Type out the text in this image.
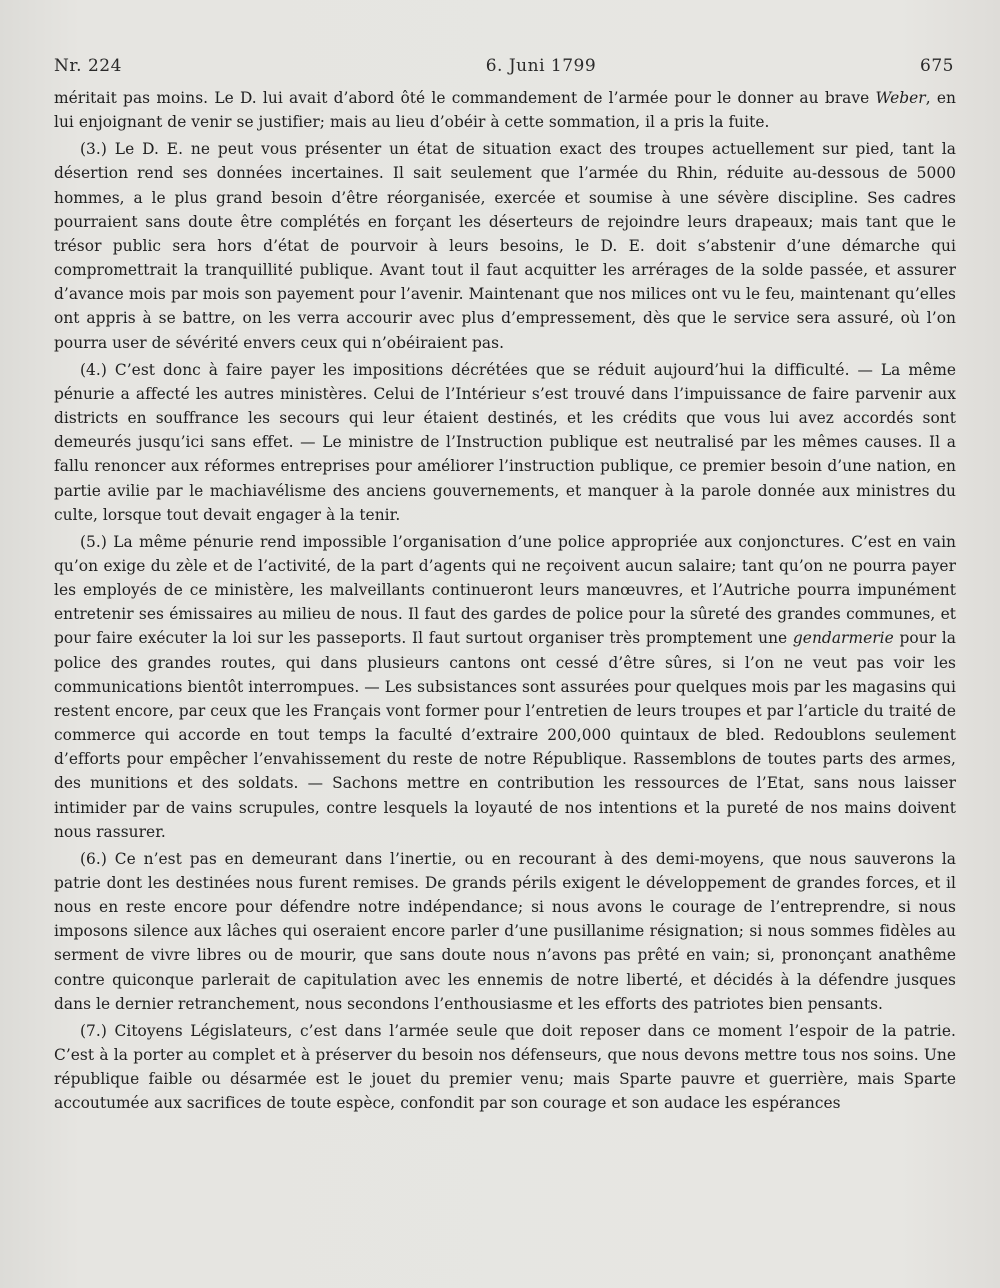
Nr. 224	6. Juni 1799	675

méritait pas moins. Le D. lui avait d’abord ôté le commandement de l’armée pour le donner au brave Weber, en lui enjoignant de venir se justifier; mais au lieu d’obéir à cette sommation, il a pris la fuite.

(3.) Le D. E. ne peut vous présenter un état de situation exact des troupes actuellement sur pied, tant la désertion rend ses données incertaines. Il sait seulement que l’armée du Rhin, réduite au-dessous de 5000 hommes, a le plus grand besoin d’être réorganisée, exercée et soumise à une sévère discipline. Ses cadres pourraient sans doute être complétés en forçant les déserteurs de rejoindre leurs drapeaux; mais tant que le trésor public sera hors d’état de pourvoir à leurs besoins, le D. E. doit s’abstenir d’une démarche qui compromettrait la tranquillité publique. Avant tout il faut acquitter les arrérages de la solde passée, et assurer d’avance mois par mois son payement pour l’avenir. Maintenant que nos milices ont vu le feu, maintenant qu’elles ont appris à se battre, on les verra accourir avec plus d’empressement, dès que le service sera assuré, où l’on pourra user de sévérité envers ceux qui n’obéiraient pas.

(4.) C’est donc à faire payer les impositions décrétées que se réduit aujourd’hui la difficulté. — La même pénurie a affecté les autres ministères. Celui de l’Intérieur s’est trouvé dans l’impuissance de faire parvenir aux districts en souffrance les secours qui leur étaient destinés, et les crédits que vous lui avez accordés sont demeurés jusqu’ici sans effet. — Le ministre de l’Instruction publique est neutralisé par les mêmes causes. Il a fallu renoncer aux réformes entreprises pour améliorer l’instruction publique, ce premier besoin d’une nation, en partie avilie par le machiavélisme des anciens gouvernements, et manquer à la parole donnée aux ministres du culte, lorsque tout devait engager à la tenir.

(5.) La même pénurie rend impossible l’organisation d’une police appropriée aux conjonctures. C’est en vain qu’on exige du zèle et de l’activité, de la part d’agents qui ne reçoivent aucun salaire; tant qu’on ne pourra payer les employés de ce ministère, les malveillants continueront leurs manœuvres, et l’Autriche pourra impunément entretenir ses émissaires au milieu de nous. Il faut des gardes de police pour la sûreté des grandes communes, et pour faire exécuter la loi sur les passeports. Il faut surtout organiser très promptement une gendarmerie pour la police des grandes routes, qui dans plusieurs cantons ont cessé d’être sûres, si l’on ne veut pas voir les communications bientôt interrompues. — Les subsistances sont assurées pour quelques mois par les magasins qui restent encore, par ceux que les Français vont former pour l’entretien de leurs troupes et par l’article du traité de commerce qui accorde en tout temps la faculté d’extraire 200,000 quintaux de bled. Redoublons seulement d’efforts pour empêcher l’envahissement du reste de notre République. Rassemblons de toutes parts des armes, des munitions et des soldats. — Sachons mettre en contribution les ressources de l’Etat, sans nous laisser intimider par de vains scrupules, contre lesquels la loyauté de nos intentions et la pureté de nos mains doivent nous rassurer.

(6.) Ce n’est pas en demeurant dans l’inertie, ou en recourant à des demi-moyens, que nous sauverons la patrie dont les destinées nous furent remises. De grands périls exigent le développement de grandes forces, et il nous en reste encore pour défendre notre indépendance; si nous avons le courage de l’entreprendre, si nous imposons silence aux lâches qui oseraient encore parler d’une pusillanime résignation; si nous sommes fidèles au serment de vivre libres ou de mourir, que sans doute nous n’avons pas prêté en vain; si, prononçant anathême contre quiconque parlerait de capitulation avec les ennemis de notre liberté, et décidés à la défendre jusques dans le dernier retranchement, nous secondons l’enthousiasme et les efforts des patriotes bien pensants.

(7.) Citoyens Législateurs, c’est dans l’armée seule que doit reposer dans ce moment l’espoir de la patrie. C’est à la porter au complet et à préserver du besoin nos défenseurs, que nous devons mettre tous nos soins. Une république faible ou désarmée est le jouet du premier venu; mais Sparte pauvre et guerrière, mais Sparte accoutumée aux sacrifices de toute espèce, confondit par son courage et son audace les espérances
